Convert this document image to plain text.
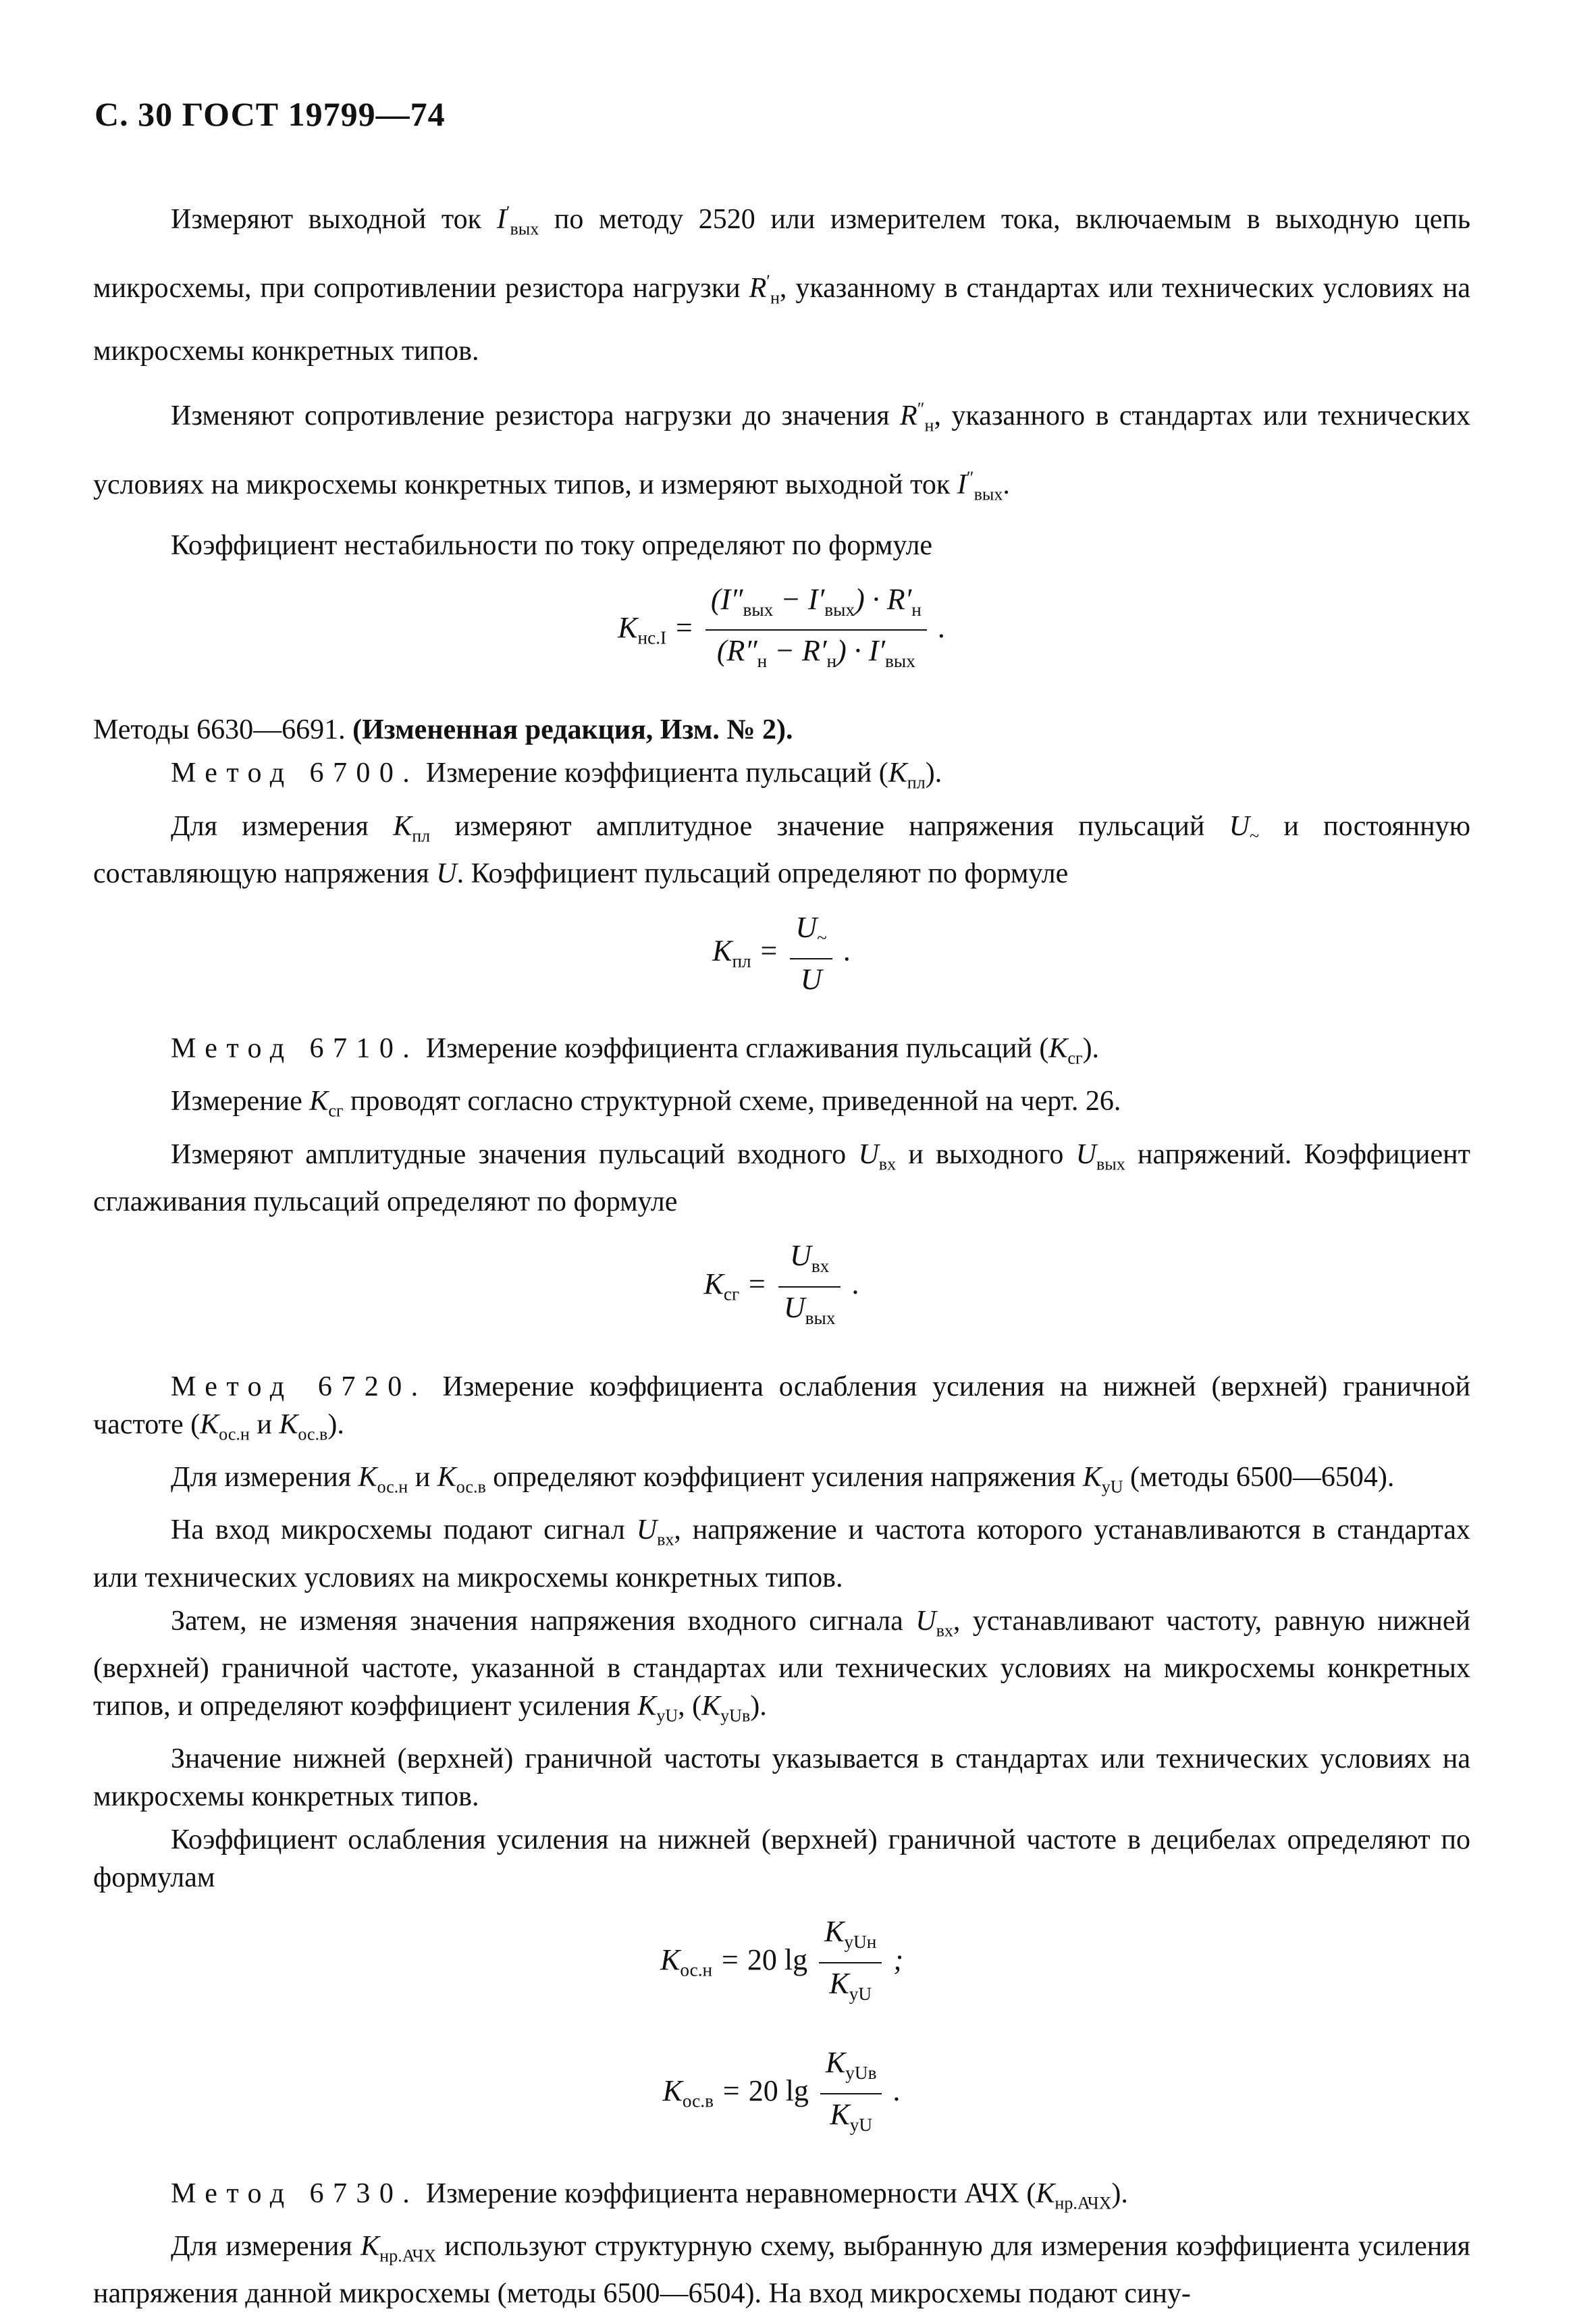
С. 30 ГОСТ 19799—74

Измеряют выходной ток $I'_{вых}$ по методу 2520 или измерителем тока, включаемым в выходную цепь микросхемы, при сопротивлении резистора нагрузки $R'_н$, указанному в стандартах или технических условиях на микросхемы конкретных типов.

Изменяют сопротивление резистора нагрузки до значения $R''_н$, указанного в стандартах или технических условиях на микросхемы конкретных типов, и измеряют выходной ток $I''_{вых}$.

Коэффициент нестабильности по току определяют по формуле

$K_{нс.I} = \frac{(I''_{вых} - I'_{вых}) \cdot R'_н}{(R''_н - R'_н) \cdot I'_{вых}}$ .

Методы 6630—6691. (Измененная редакция, Изм. № 2).

Метод 6700. Измерение коэффициента пульсаций $(K_{пл})$.

Для измерения $K_{пл}$ измеряют амплитудное значение напряжения пульсаций $U_\sim$ и постоянную составляющую напряжения U. Коэффициент пульсаций определяют по формуле

$K_{пл} = \frac{U_\sim}{U}$ .

Метод 6710. Измерение коэффициента сглаживания пульсаций $(K_{сг})$.

Измерение $K_{сг}$ проводят согласно структурной схеме, приведенной на черт. 26.

Измеряют амплитудные значения пульсаций входного $U_{вх}$ и выходного $U_{вых}$ напряжений. Коэффициент сглаживания пульсаций определяют по формуле

$K_{сг} = \frac{U_{вх}}{U_{вых}}$ .

Метод 6720. Измерение коэффициента ослабления усиления на нижней (верхней) граничной частоте ($K_{ос.н}$ и $K_{ос.в}$).

Для измерения $K_{ос.н}$ и $K_{ос.в}$ определяют коэффициент усиления напряжения $K_{yU}$ (методы 6500—6504).

На вход микросхемы подают сигнал $U_{вх}$, напряжение и частота которого устанавливаются в стандартах или технических условиях на микросхемы конкретных типов.

Затем, не изменяя значения напряжения входного сигнала $U_{вх}$, устанавливают частоту, равную нижней (верхней) граничной частоте, указанной в стандартах или технических условиях на микросхемы конкретных типов, и определяют коэффициент усиления $K_{yU}$, $(K_{yUв})$.

Значение нижней (верхней) граничной частоты указывается в стандартах или технических условиях на микросхемы конкретных типов.

Коэффициент ослабления усиления на нижней (верхней) граничной частоте в децибелах определяют по формулам

$K_{ос.н} = 20$ $\lg \frac{K_{yUн}}{K_{yU}}$ ;
$K_{ос.в} = 20$ $\lg \frac{K_{yUв}}{K_{yU}}$ .

Метод 6730. Измерение коэффициента неравномерности АЧХ $(K_{нр.АЧХ})$.

Для измерения $K_{нр.АЧХ}$ используют структурную схему, выбранную для измерения коэффициента усиления напряжения данной микросхемы (методы 6500—6504). На вход микросхемы подают сину-
